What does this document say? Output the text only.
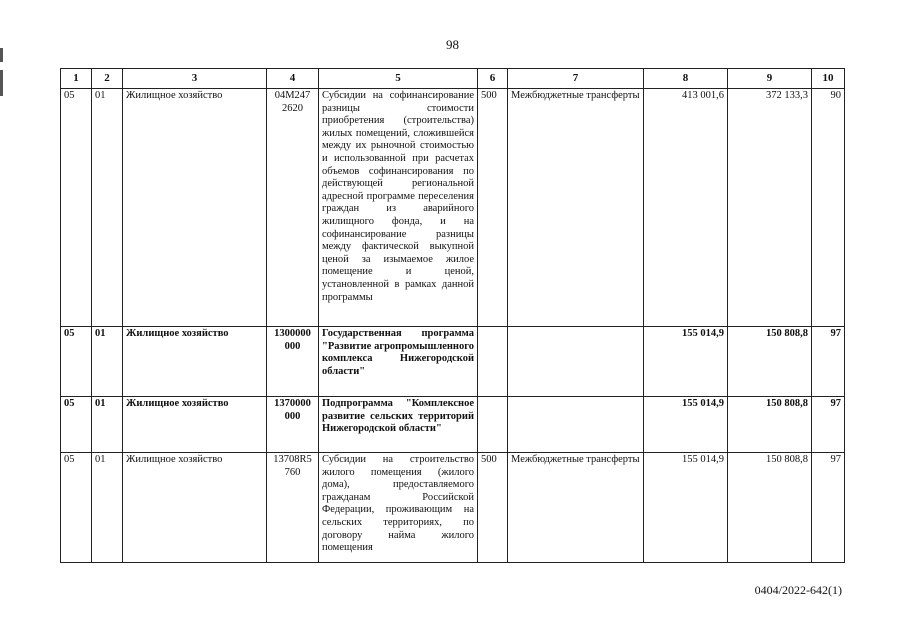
98
1	2	3	4	5	6	7	8	9	10
05	01	Жилищное хозяйство	04М247 2620	Субсидии на софинансирование разницы стоимости приобретения (строительства) жилых помещений, сложившейся между их рыночной стоимостью и использованной при расчетах объемов софинансирования по действующей региональной адресной программе переселения граждан из аварийного жилищного фонда, и на софинансирование разницы между фактической выкупной ценой за изымаемое жилое помещение и ценой, установленной в рамках данной программы	500	Межбюджетные трансферты	413 001,6	372 133,3	90
05	01	Жилищное хозяйство	1300000 000	Государственная программа "Развитие агропромышленного комплекса Нижегородской области"			155 014,9	150 808,8	97
05	01	Жилищное хозяйство	1370000 000	Подпрограмма "Комплексное развитие сельских территорий Нижегородской области"			155 014,9	150 808,8	97
05	01	Жилищное хозяйство	13708R5 760	Субсидии на строительство жилого помещения (жилого дома), предоставляемого гражданам Российской Федерации, проживающим на сельских территориях, по договору найма жилого помещения	500	Межбюджетные трансферты	155 014,9	150 808,8	97
0404/2022-642(1)
